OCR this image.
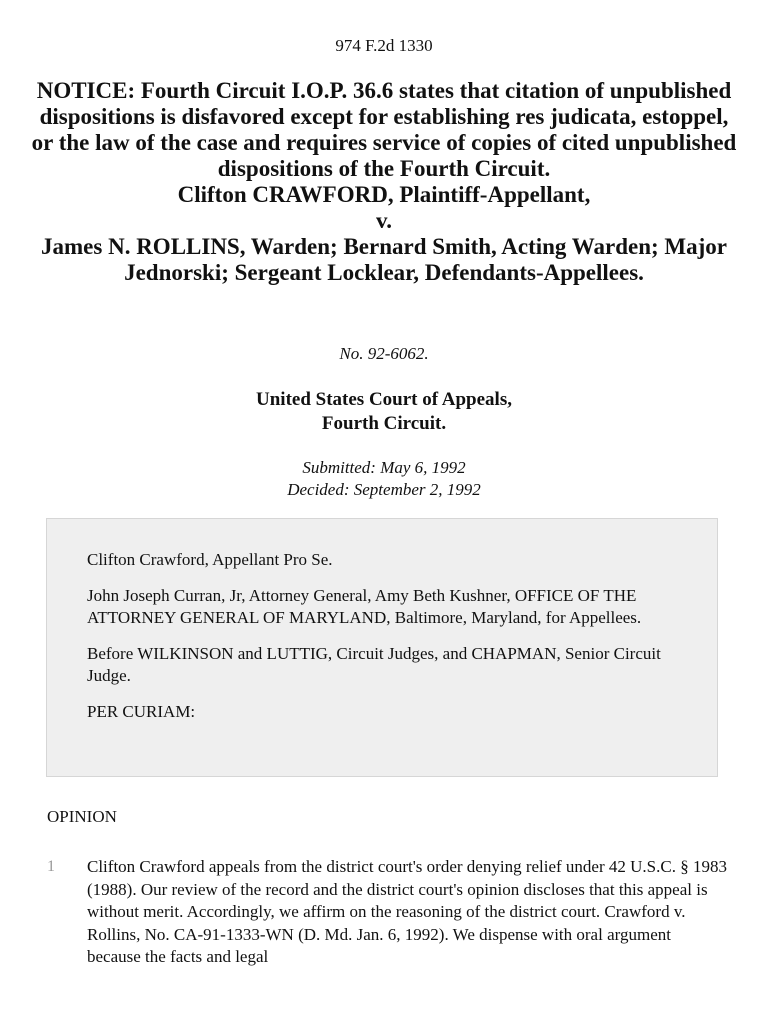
974 F.2d 1330
NOTICE: Fourth Circuit I.O.P. 36.6 states that citation of unpublished dispositions is disfavored except for establishing res judicata, estoppel, or the law of the case and requires service of copies of cited unpublished dispositions of the Fourth Circuit.
Clifton CRAWFORD, Plaintiff-Appellant,
v.
James N. ROLLINS, Warden; Bernard Smith, Acting Warden; Major Jednorski; Sergeant Locklear, Defendants-Appellees.
No. 92-6062.
United States Court of Appeals,
Fourth Circuit.
Submitted: May 6, 1992
Decided: September 2, 1992

Clifton Crawford, Appellant Pro Se.

John Joseph Curran, Jr, Attorney General, Amy Beth Kushner, OFFICE OF THE ATTORNEY GENERAL OF MARYLAND, Baltimore, Maryland, for Appellees.

Before WILKINSON and LUTTIG, Circuit Judges, and CHAPMAN, Senior Circuit Judge.

PER CURIAM:

OPINION
1 Clifton Crawford appeals from the district court's order denying relief under 42 U.S.C. § 1983 (1988). Our review of the record and the district court's opinion discloses that this appeal is without merit. Accordingly, we affirm on the reasoning of the district court. Crawford v. Rollins, No. CA-91-1333-WN (D. Md. Jan. 6, 1992). We dispense with oral argument because the facts and legal
